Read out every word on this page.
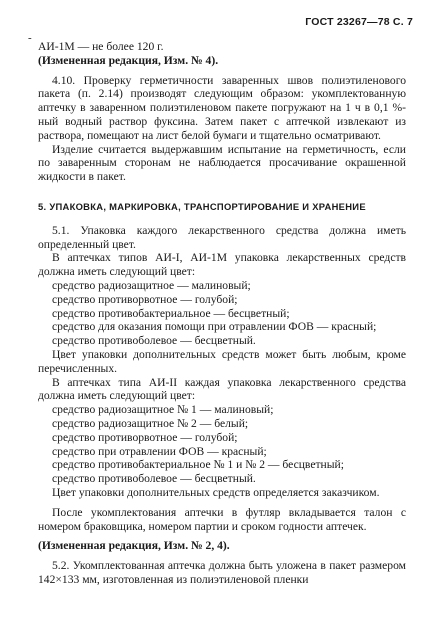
ГОСТ 23267—78 С. 7
-

АИ-1М — не более 120 г.

(Измененная редакция, Изм. № 4).

4.10. Проверку герметичности заваренных швов полиэтиленового пакета (п. 2.14) производят следующим образом: укомплектованную аптечку в заваренном полиэтиленовом пакете погружают на 1 ч в 0,1 %-ный водный раствор фуксина. Затем пакет с аптечкой извлекают из раствора, помещают на лист белой бумаги и тщательно осматривают.

Изделие считается выдержавшим испытание на герметичность, если по заваренным сторонам не наблюдается просачивание окрашенной жидкости в пакет.

5. УПАКОВКА, МАРКИРОВКА, ТРАНСПОРТИРОВАНИЕ И ХРАНЕНИЕ

5.1. Упаковка каждого лекарственного средства должна иметь определенный цвет.

В аптечках типов АИ-I, АИ-1М упаковка лекарственных средств должна иметь следующий цвет:

средство радиозащитное — малиновый;

средство противорвотное — голубой;

средство противобактериальное — бесцветный;

средство для оказания помощи при отравлении ФОВ — красный;

средство противоболевое — бесцветный.

Цвет упаковки дополнительных средств может быть любым, кроме перечисленных.

В аптечках типа АИ-II каждая упаковка лекарственного средства должна иметь следующий цвет:

средство радиозащитное № 1 — малиновый;

средство радиозащитное № 2 — белый;

средство противорвотное — голубой;

средство при отравлении ФОВ — красный;

средство противобактериальное № 1 и № 2 — бесцветный;

средство противоболевое — бесцветный.

Цвет упаковки дополнительных средств определяется заказчиком.

После укомплектования аптечки в футляр вкладывается талон с номером браковщика, номером партии и сроком годности аптечек.

(Измененная редакция, Изм. № 2, 4).

5.2. Укомплектованная аптечка должна быть уложена в пакет размером 142×133 мм, изготовленная из полиэтиленовой пленки
